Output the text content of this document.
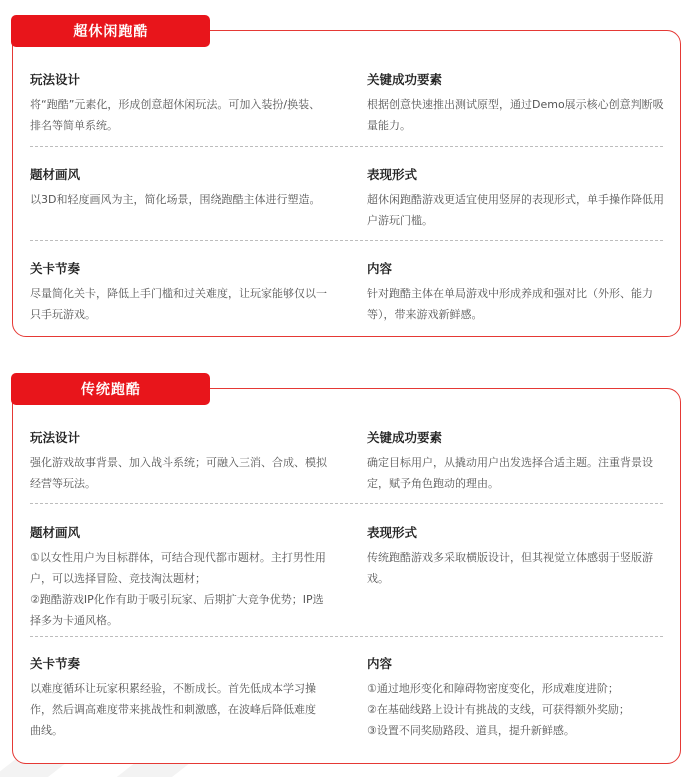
超休闲跑酷
玩法设计
将“跑酷”元素化，形成创意超休闲玩法。可加入装扮/换装、
排名等简单系统。
关键成功要素
根据创意快速推出测试原型，通过Demo展示核心创意判断吸
量能力。
题材画风
以3D和轻度画风为主，简化场景，围绕跑酷主体进行塑造。
表现形式
超休闲跑酷游戏更适宜使用竖屏的表现形式，单手操作降低用
户游玩门槛。
关卡节奏
尽量简化关卡，降低上手门槛和过关难度，让玩家能够仅以一
只手玩游戏。
内容
针对跑酷主体在单局游戏中形成养成和强对比（外形、能力
等），带来游戏新鲜感。
传统跑酷
玩法设计
强化游戏故事背景、加入战斗系统；可融入三消、合成、模拟
经营等玩法。
关键成功要素
确定目标用户，从撬动用户出发选择合适主题。注重背景设
定，赋予角色跑动的理由。
题材画风
①以女性用户为目标群体，可结合现代都市题材。主打男性用
户，可以选择冒险、竞技淘汰题材；
②跑酷游戏IP化作有助于吸引玩家、后期扩大竞争优势；IP选
择多为卡通风格。
表现形式
传统跑酷游戏多采取横版设计，但其视觉立体感弱于竖版游
戏。
关卡节奏
以难度循环让玩家积累经验，不断成长。首先低成本学习操
作，然后调高难度带来挑战性和刺激感，在波峰后降低难度
曲线。
内容
①通过地形变化和障碍物密度变化，形成难度进阶；
②在基础线路上设计有挑战的支线，可获得额外奖励；
③设置不同奖励路段、道具，提升新鲜感。
